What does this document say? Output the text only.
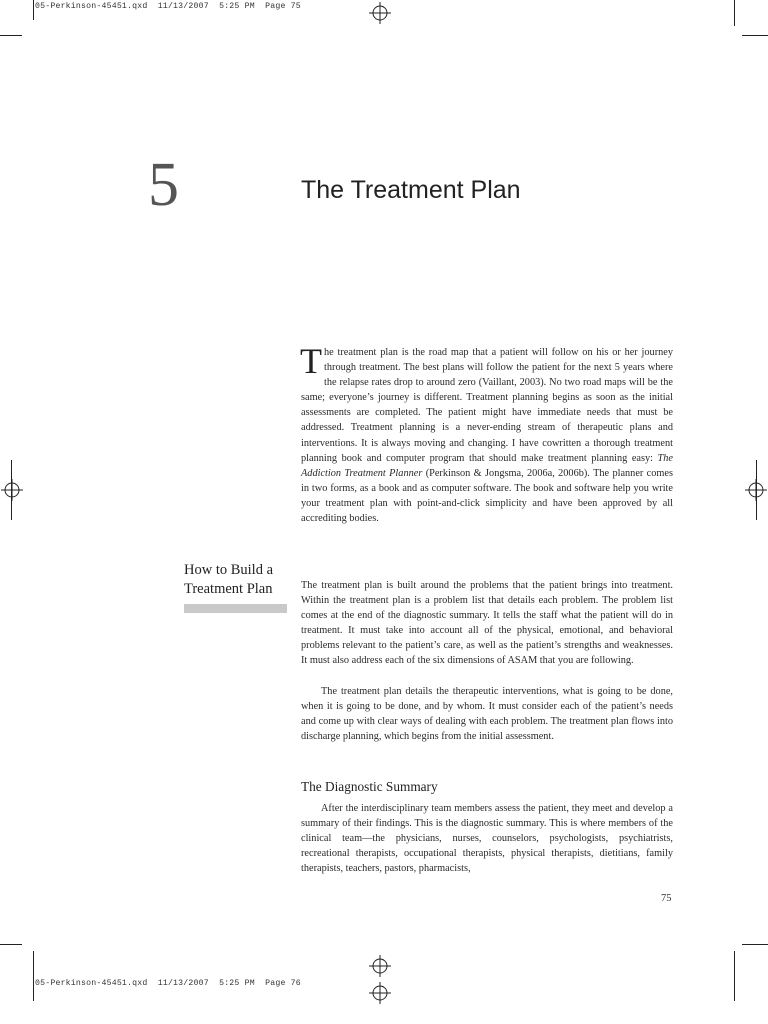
05-Perkinson-45451.qxd  11/13/2007  5:25 PM  Page 75
05-Perkinson-45451.qxd  11/13/2007  5:25 PM  Page 76
5	The Treatment Plan

The treatment plan is the road map that a patient will follow on his or her journey through treatment. The best plans will follow the patient for the next 5 years where the relapse rates drop to around zero (Vaillant, 2003). No two road maps will be the same; everyone’s journey is different. Treatment planning begins as soon as the initial assessments are completed. The patient might have immediate needs that must be addressed. Treatment planning is a never-ending stream of therapeutic plans and interventions. It is always moving and changing. I have cowritten a thorough treatment planning book and computer program that should make treatment planning easy: The Addiction Treatment Planner (Perkinson & Jongsma, 2006a, 2006b). The planner comes in two forms, as a book and as computer software. The book and software help you write your treatment plan with point-and-click simplicity and have been approved by all accrediting bodies.

How to Build a Treatment Plan	The treatment plan is built around the problems that the patient brings into treatment. Within the treatment plan is a problem list that details each problem. The problem list comes at the end of the diagnostic summary. It tells the staff what the patient will do in treatment. It must take into account all of the physical, emotional, and behavioral problems relevant to the patient’s care, as well as the patient’s strengths and weaknesses. It must also address each of the six dimensions of ASAM that you are following.

The treatment plan details the therapeutic interventions, what is going to be done, when it is going to be done, and by whom. It must consider each of the patient’s needs and come up with clear ways of dealing with each problem. The treatment plan flows into discharge planning, which begins from the initial assessment.

The Diagnostic Summary

After the interdisciplinary team members assess the patient, they meet and develop a summary of their findings. This is the diagnostic summary. This is where members of the clinical team—the physicians, nurses, counselors, psychologists, psychiatrists, recreational therapists, occupational therapists, physical therapists, dietitians, family therapists, teachers, pastors, pharmacists,

75
